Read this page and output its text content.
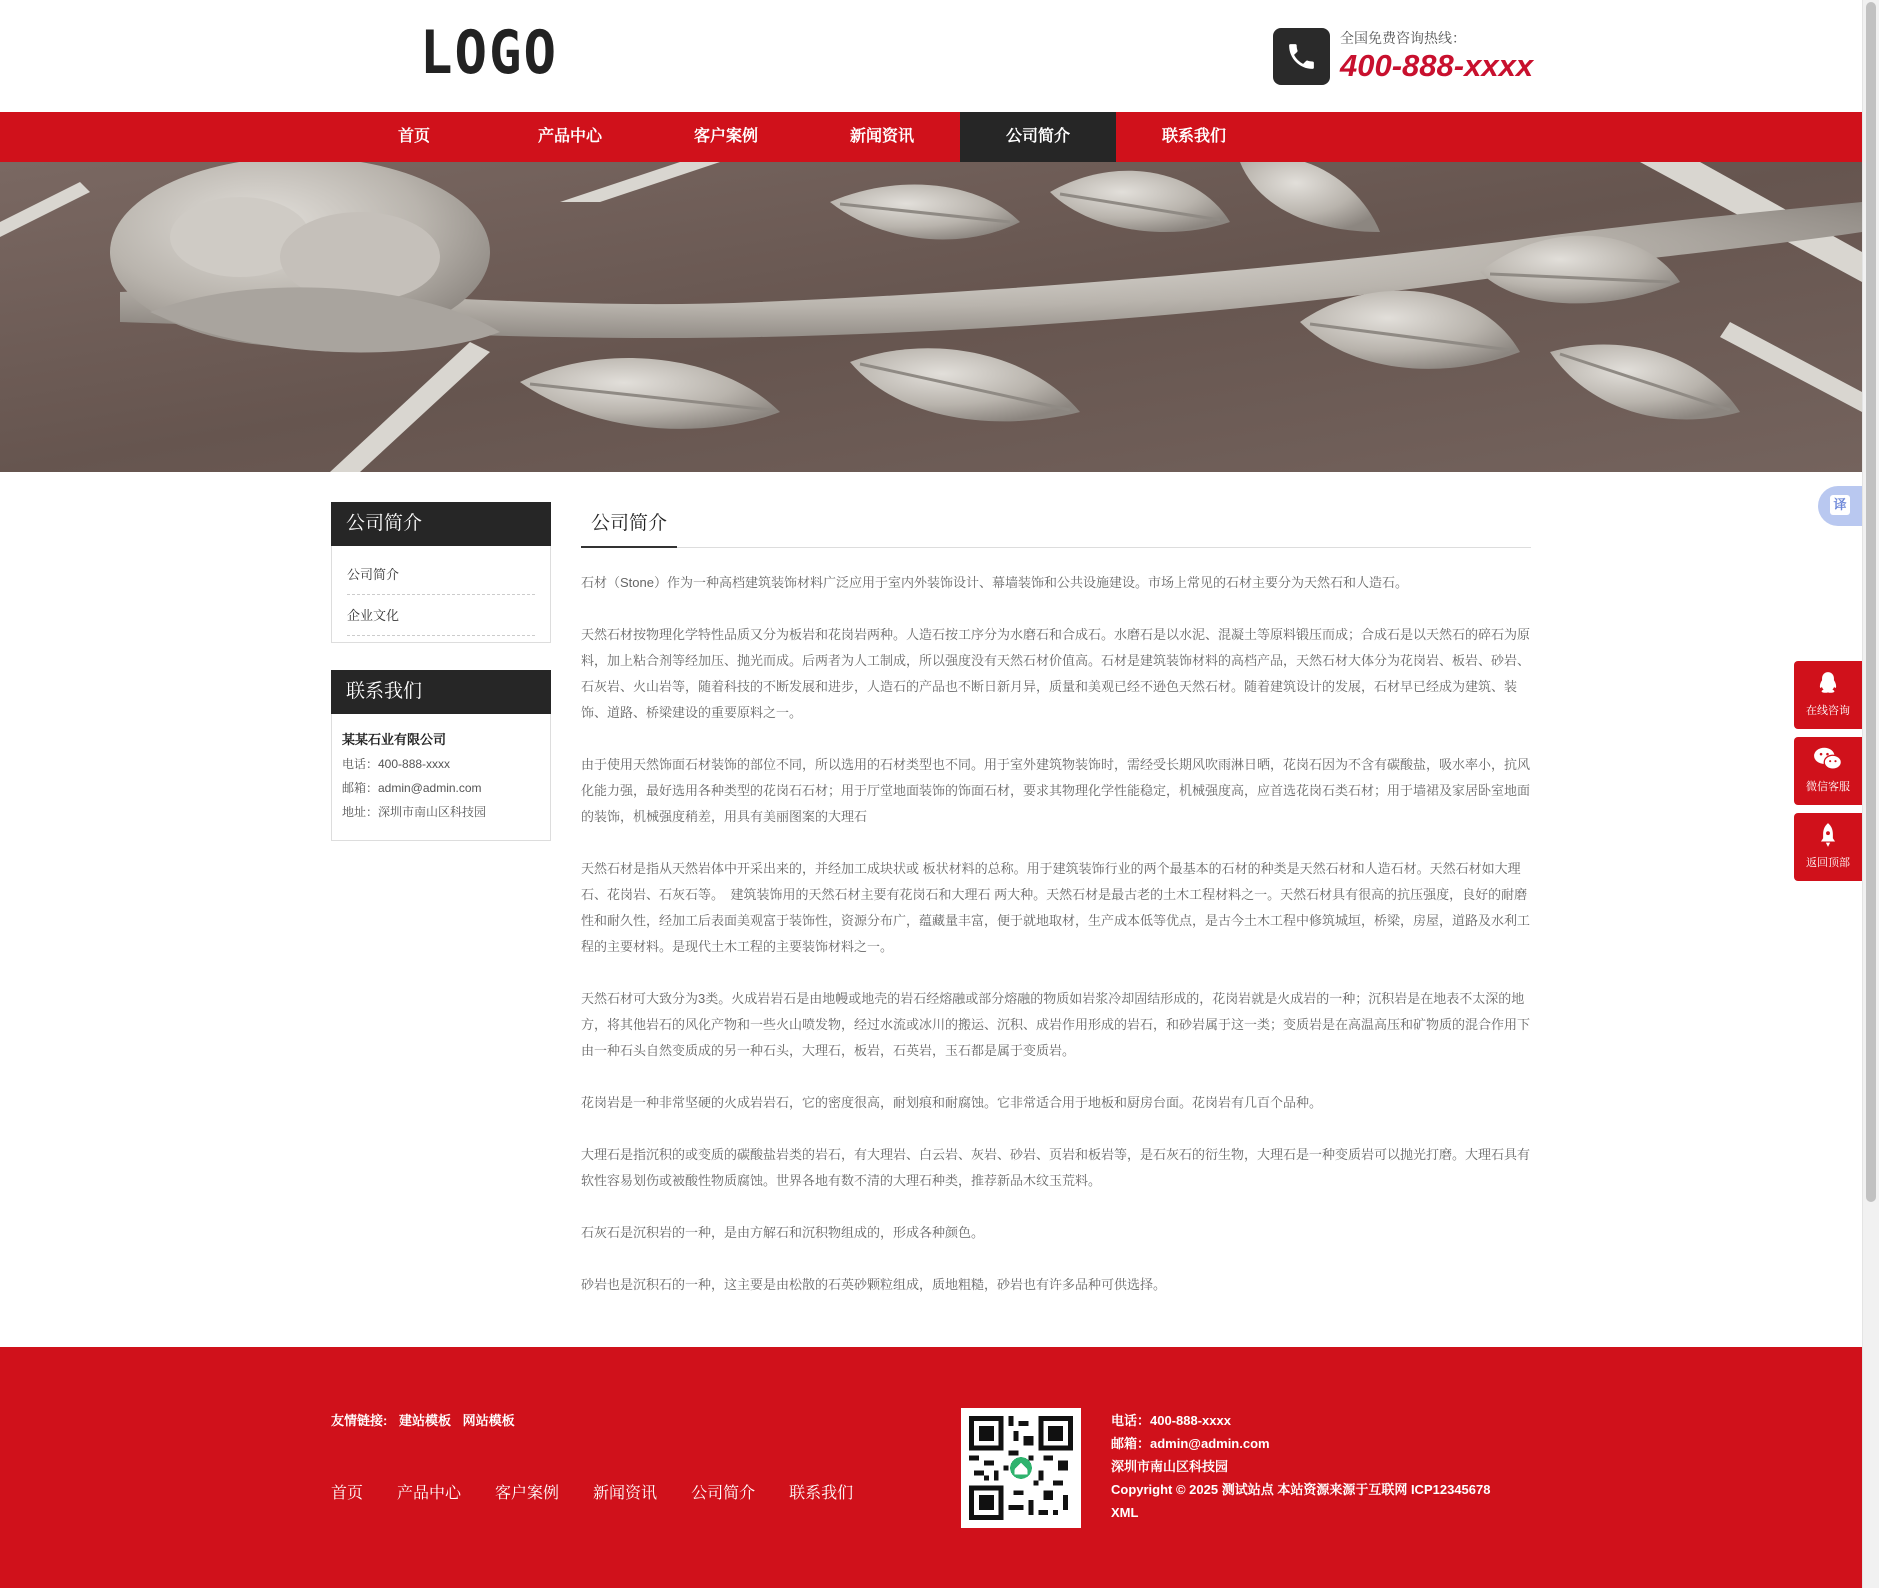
LOGO	全国免费咨询热线：
400-888-xxxx
首页	产品中心	客户案例	新闻资讯	公司简介	联系我们
公司简介
公司简介
企业文化
联系我们
某某石业有限公司
电话：400-888-xxxx
邮箱：admin@admin.com
地址：深圳市南山区科技园
公司简介

石材（Stone）作为一种高档建筑装饰材料广泛应用于室内外装饰设计、幕墙装饰和公共设施建设。市场上常见的石材主要分为天然石和人造石。

天然石材按物理化学特性品质又分为板岩和花岗岩两种。人造石按工序分为水磨石和合成石。水磨石是以水泥、混凝土等原料锻压而成；合成石是以天然石的碎石为原料，加上粘合剂等经加压、抛光而成。后两者为人工制成，所以强度没有天然石材价值高。石材是建筑装饰材料的高档产品，天然石材大体分为花岗岩、板岩、砂岩、石灰岩、火山岩等，随着科技的不断发展和进步，人造石的产品也不断日新月异，质量和美观已经不逊色天然石材。随着建筑设计的发展，石材早已经成为建筑、装饰、道路、桥梁建设的重要原料之一。

由于使用天然饰面石材装饰的部位不同，所以选用的石材类型也不同。用于室外建筑物装饰时，需经受长期风吹雨淋日晒，花岗石因为不含有碳酸盐，吸水率小，抗风化能力强，最好选用各种类型的花岗石石材；用于厅堂地面装饰的饰面石材，要求其物理化学性能稳定，机械强度高，应首选花岗石类石材；用于墙裙及家居卧室地面的装饰，机械强度稍差，用具有美丽图案的大理石

天然石材是指从天然岩体中开采出来的，并经加工成块状或 板状材料的总称。用于建筑装饰行业的两个最基本的石材的种类是天然石材和人造石材。天然石材如大理石、花岗岩、石灰石等。　建筑装饰用的天然石材主要有花岗石和大理石 两大种。天然石材是最古老的土木工程材料之一。天然石材具有很高的抗压强度，良好的耐磨性和耐久性，经加工后表面美观富于装饰性，资源分布广，蕴藏量丰富，便于就地取材，生产成本低等优点，是古今土木工程中修筑城垣，桥梁，房屋，道路及水利工程的主要材料。是现代土木工程的主要装饰材料之一。

天然石材可大致分为3类。火成岩岩石是由地幔或地壳的岩石经熔融或部分熔融的物质如岩浆冷却固结形成的，花岗岩就是火成岩的一种；沉积岩是在地表不太深的地方，将其他岩石的风化产物和一些火山喷发物，经过水流或冰川的搬运、沉积、成岩作用形成的岩石，和砂岩属于这一类；变质岩是在高温高压和矿物质的混合作用下由一种石头自然变质成的另一种石头，大理石，板岩，石英岩，玉石都是属于变质岩。

花岗岩是一种非常坚硬的火成岩岩石，它的密度很高，耐划痕和耐腐蚀。它非常适合用于地板和厨房台面。花岗岩有几百个品种。

大理石是指沉积的或变质的碳酸盐岩类的岩石，有大理岩、白云岩、灰岩、砂岩、页岩和板岩等，是石灰石的衍生物，大理石是一种变质岩可以抛光打磨。大理石具有软性容易划伤或被酸性物质腐蚀。世界各地有数不清的大理石种类，推荐新品木纹玉荒料。

石灰石是沉积岩的一种，是由方解石和沉积物组成的，形成各种颜色。

砂岩也是沉积石的一种，这主要是由松散的石英砂颗粒组成，质地粗糙，砂岩也有许多品种可供选择。

友情链接: 建站模板 网站模板
首页 产品中心 客户案例 新闻资讯 公司简介 联系我们
电话：400-888-xxxx
邮箱：admin@admin.com
深圳市南山区科技园
Copyright © 2025 测试站点 本站资源来源于互联网 ICP12345678
XML
译
在线咨询
微信客服
返回顶部
